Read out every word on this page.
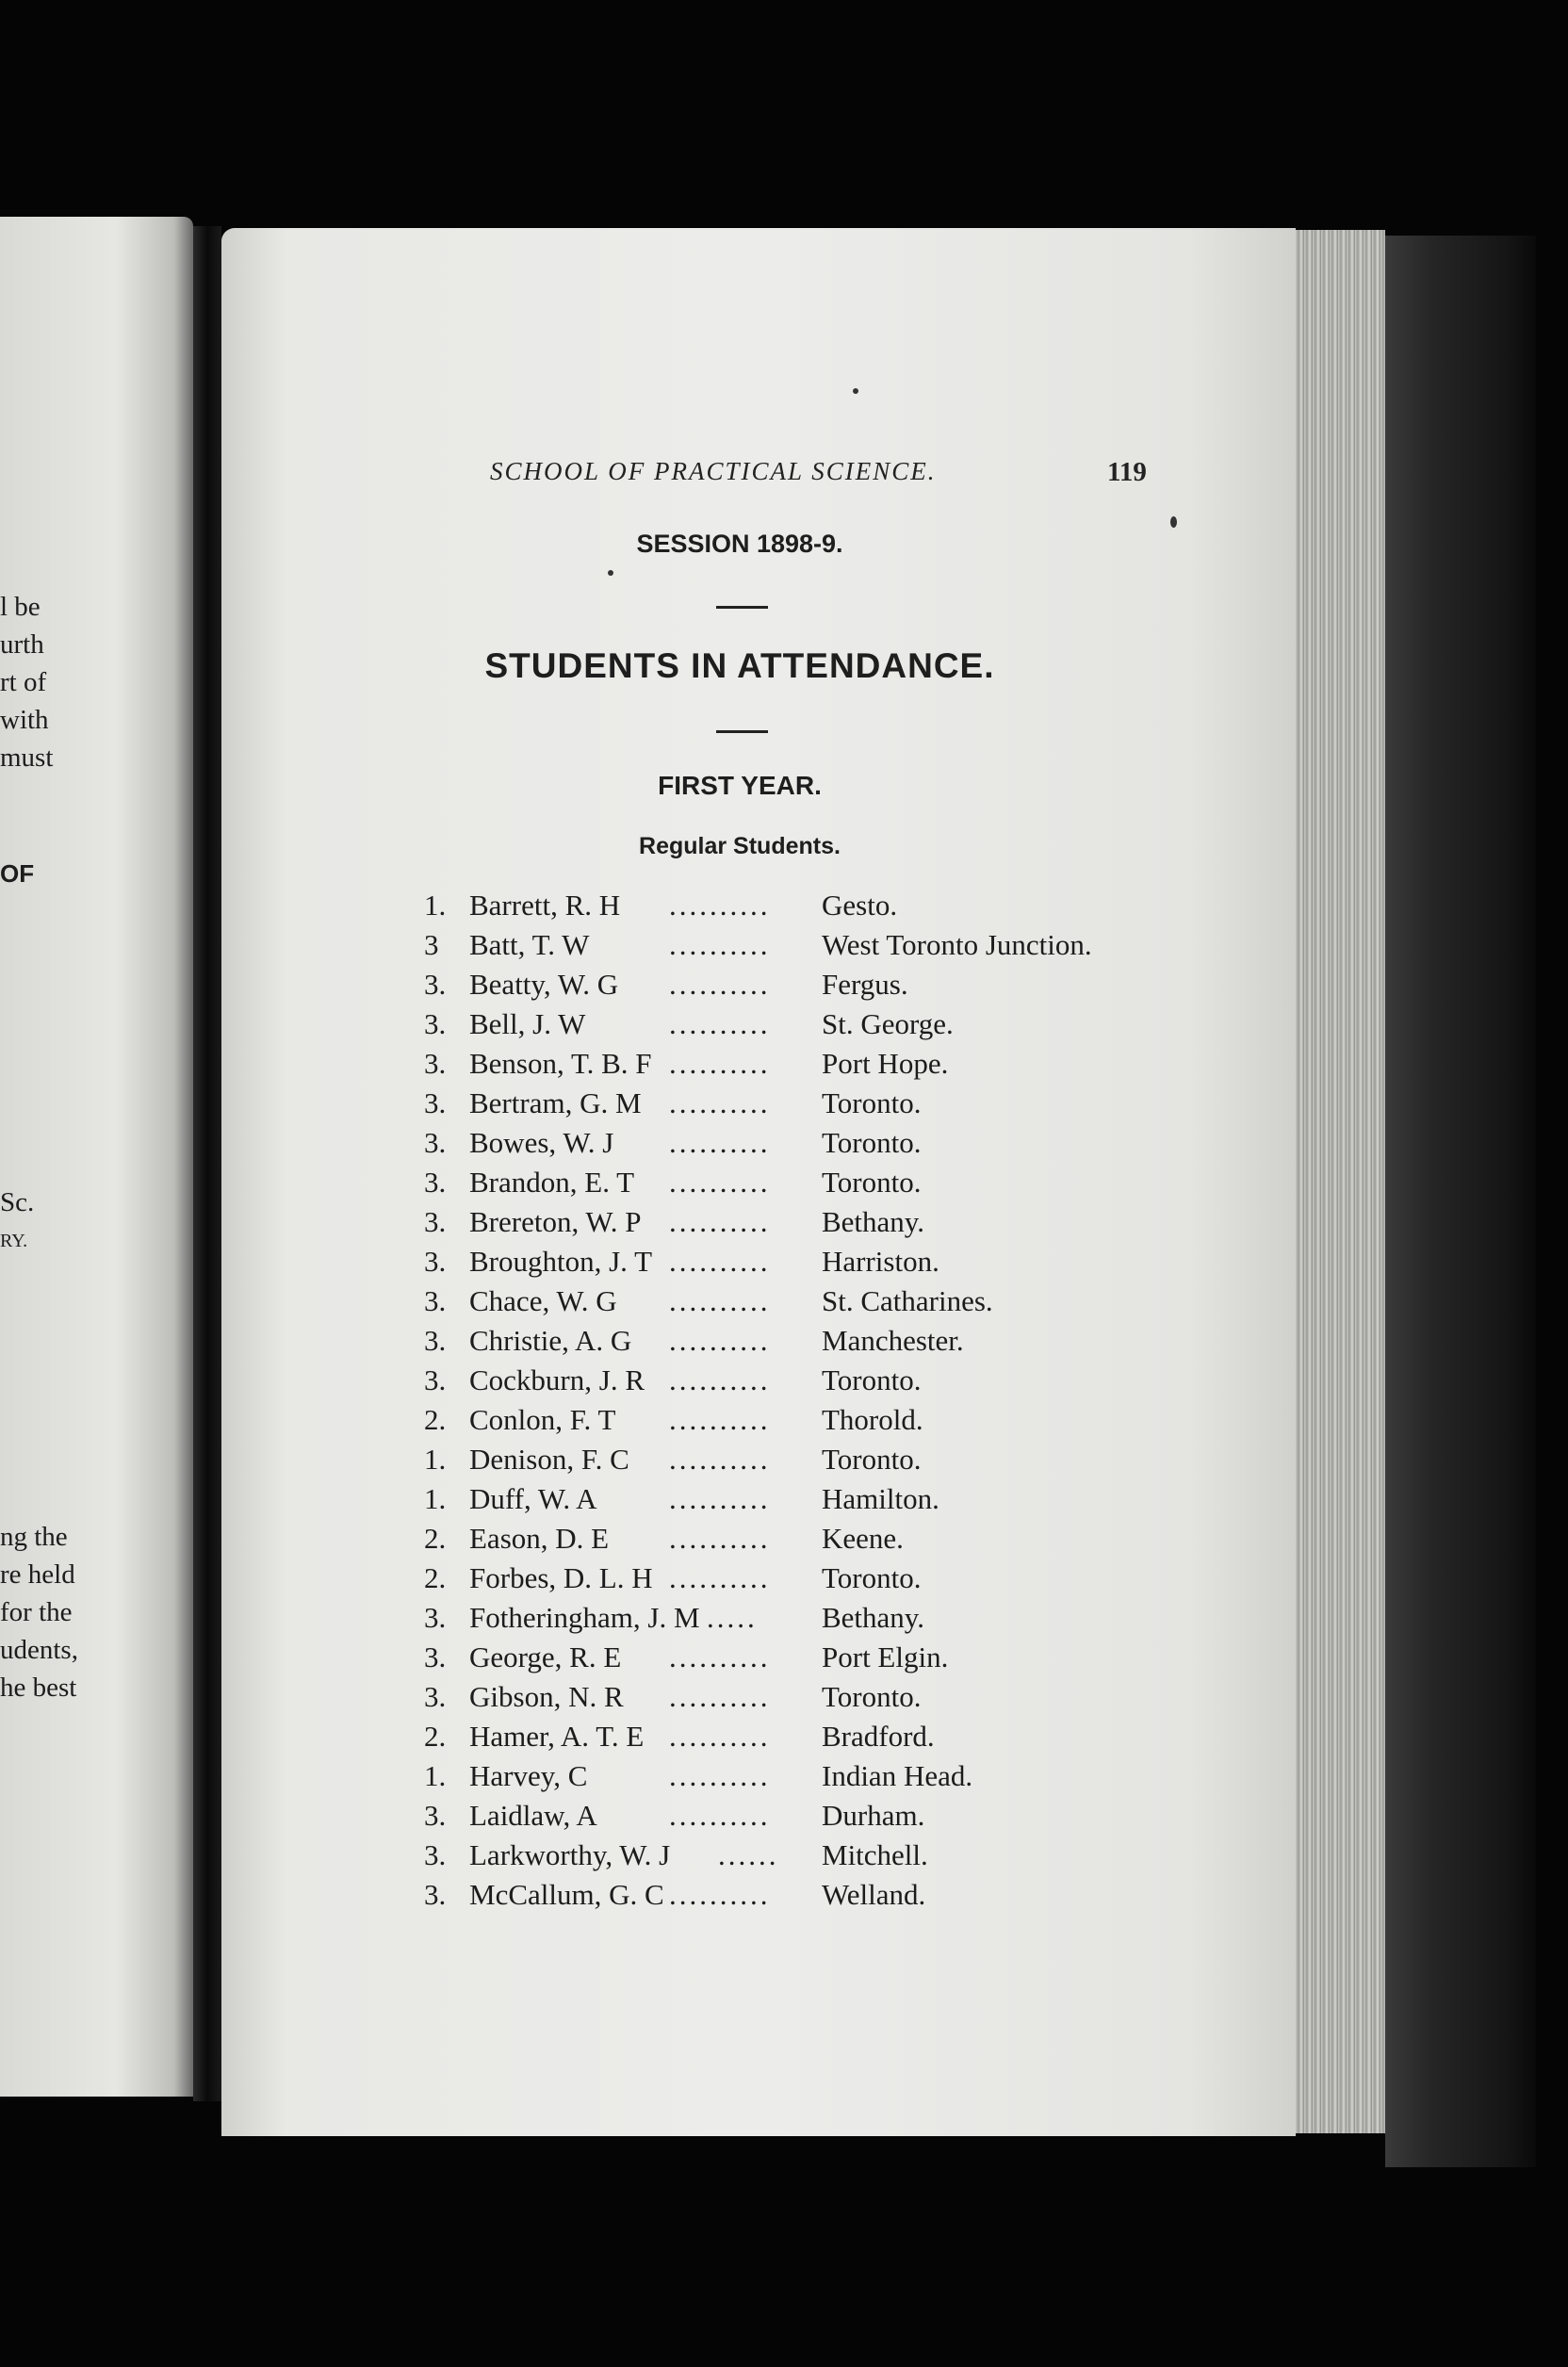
l be
urth
rt of
with
must
OF
Sc.
RY.
ng the
re held
for the
udents,
he best
SCHOOL OF PRACTICAL SCIENCE.	119
SESSION 1898-9.
STUDENTS IN ATTENDANCE.
FIRST YEAR.
Regular Students.
1. Barrett, R. H .......... Gesto.
3	Batt, T. W	.......... West Toronto Junction.
3. Beatty, W. G .......... Fergus.
3. Bell, J. W	.......... St. George.
3. Benson, T. B. F .......... Port Hope.
3. Bertram, G. M .......... Toronto.
3. Bowes, W. J .......... Toronto.
3. Brandon, E. T .......... Toronto.
3. Brereton, W. P .......... Bethany.
3. Broughton, J. T .......... Harriston.
3. Chace, W. G .......... St. Catharines.
3. Christie, A. G .......... Manchester.
3. Cockburn, J. R .......... Toronto.
2. Conlon, F. T .......... Thorold.
1. Denison, F. C .......... Toronto.
1. Duff, W. A .......... Hamilton.
2. Eason, D. E .......... Keene.
2. Forbes, D. L. H .......... Toronto.
3. Fotheringham, J. M ..... Bethany.
3. George, R. E .......... Port Elgin.
3. Gibson, N. R .......... Toronto.
2. Hamer, A. T. E .......... Bradford.
1. Harvey, C	.......... Indian Head.
3. Laidlaw, A .......... Durham.
3. Larkworthy, W. J ...... Mitchell.
3. McCallum, G. C .......... Welland.
